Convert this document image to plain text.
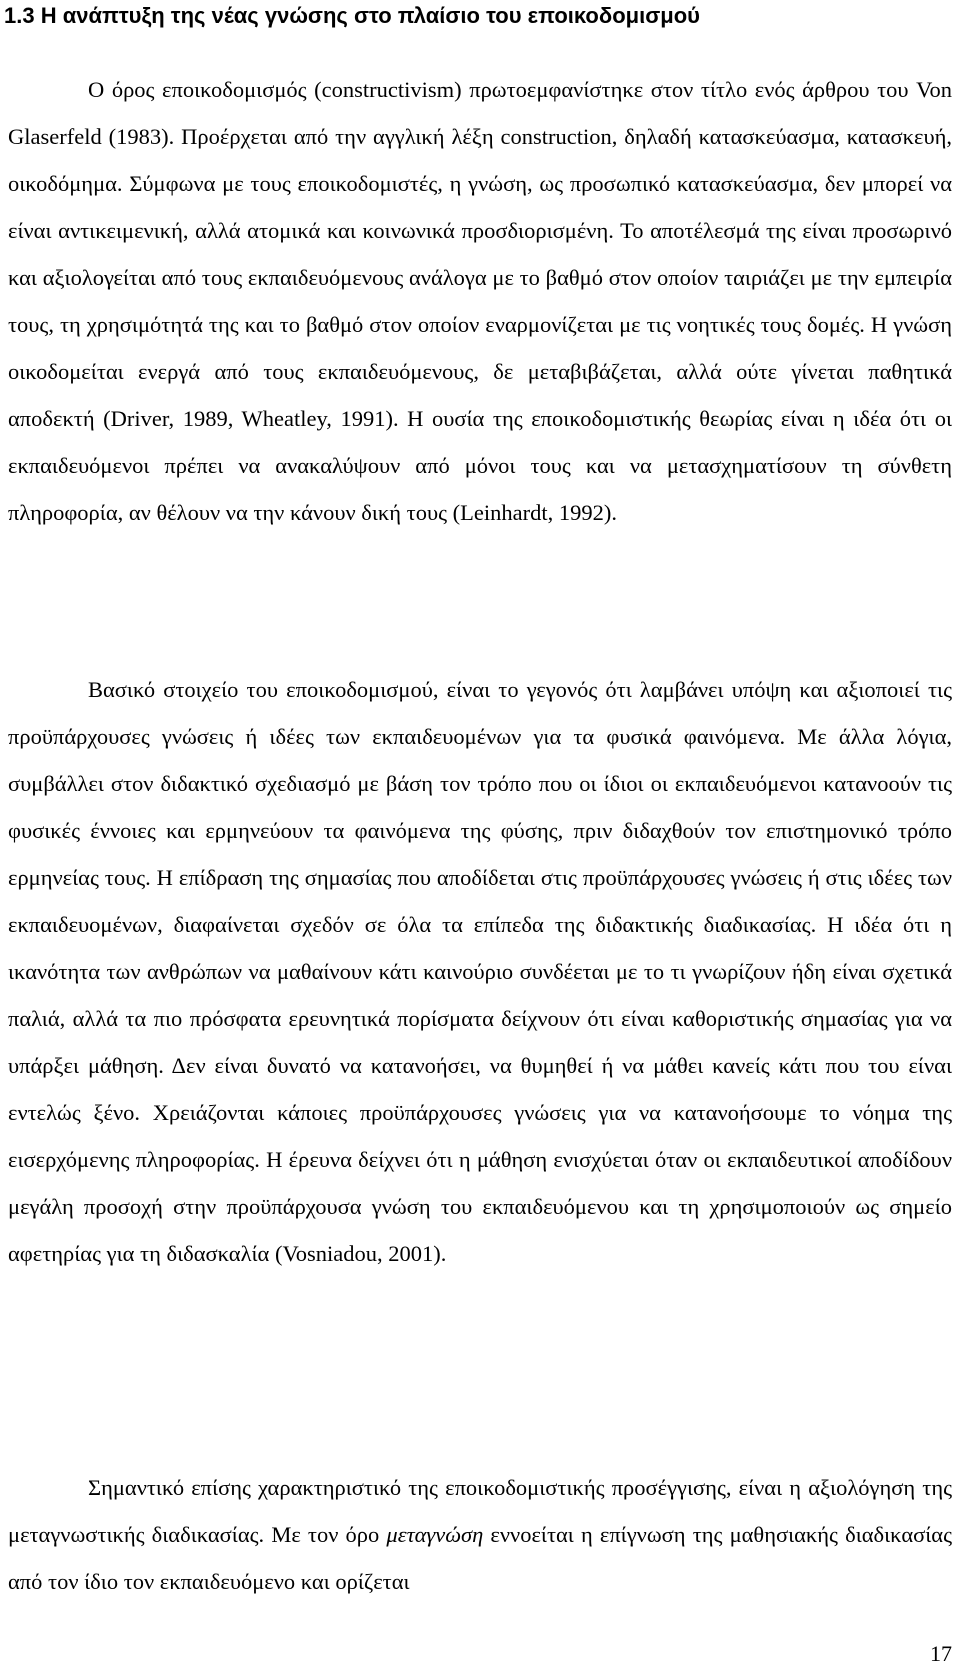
1.3 Η ανάπτυξη της νέας γνώσης στο πλαίσιο του εποικοδομισμού

Ο όρος εποικοδομισμός (constructivism) πρωτοεμφανίστηκε στον τίτλο ενός άρθρου του Von Glaserfeld (1983). Προέρχεται από την αγγλική λέξη construction, δηλαδή κατασκεύασμα, κατασκευή, οικοδόμημα. Σύμφωνα με τους εποικοδομιστές, η γνώση, ως προσωπικό κατασκεύασμα, δεν μπορεί να είναι αντικειμενική, αλλά ατομικά και κοινωνικά προσδιορισμένη. Το αποτέλεσμά της είναι προσωρινό και αξιολογείται από τους εκπαιδευόμενους ανάλογα με το βαθμό στον οποίον ταιριάζει με την εμπειρία τους, τη χρησιμότητά της και το βαθμό στον οποίον εναρμονίζεται με τις νοητικές τους δομές. Η γνώση οικοδομείται ενεργά από τους εκπαιδευόμενους, δε μεταβιβάζεται, αλλά ούτε γίνεται παθητικά αποδεκτή (Driver, 1989, Wheatley, 1991). Η ουσία της εποικοδομιστικής θεωρίας είναι η ιδέα ότι οι εκπαιδευόμενοι πρέπει να ανακαλύψουν από μόνοι τους και να μετασχηματίσουν τη σύνθετη πληροφορία, αν θέλουν να την κάνουν δική τους (Leinhardt, 1992).

Βασικό στοιχείο του εποικοδομισμού, είναι το γεγονός ότι λαμβάνει υπόψη και αξιοποιεί τις προϋπάρχουσες γνώσεις ή ιδέες των εκπαιδευομένων για τα φυσικά φαινόμενα. Με άλλα λόγια, συμβάλλει στον διδακτικό σχεδιασμό με βάση τον τρόπο που οι ίδιοι οι εκπαιδευόμενοι κατανοούν τις φυσικές έννοιες και ερμηνεύουν τα φαινόμενα της φύσης, πριν διδαχθούν τον επιστημονικό τρόπο ερμηνείας τους. Η επίδραση της σημασίας που αποδίδεται στις προϋπάρχουσες γνώσεις ή στις ιδέες των εκπαιδευομένων, διαφαίνεται σχεδόν σε όλα τα επίπεδα της διδακτικής διαδικασίας. Η ιδέα ότι η ικανότητα των ανθρώπων να μαθαίνουν κάτι καινούριο συνδέεται με το τι γνωρίζουν ήδη είναι σχετικά παλιά, αλλά τα πιο πρόσφατα ερευνητικά πορίσματα δείχνουν ότι είναι καθοριστικής σημασίας για να υπάρξει μάθηση. Δεν είναι δυνατό να κατανοήσει, να θυμηθεί ή να μάθει κανείς κάτι που του είναι εντελώς ξένο. Χρειάζονται κάποιες προϋπάρχουσες γνώσεις για να κατανοήσουμε το νόημα της εισερχόμενης πληροφορίας. Η έρευνα δείχνει ότι η μάθηση ενισχύεται όταν οι εκπαιδευτικοί αποδίδουν μεγάλη προσοχή στην προϋπάρχουσα γνώση του εκπαιδευόμενου και τη χρησιμοποιούν ως σημείο αφετηρίας για τη διδασκαλία (Vosniadou, 2001).

Σημαντικό επίσης χαρακτηριστικό της εποικοδομιστικής προσέγγισης, είναι η αξιολόγηση της μεταγνωστικής διαδικασίας. Με τον όρο μεταγνώση εννοείται η επίγνωση της μαθησιακής διαδικασίας από τον ίδιο τον εκπαιδευόμενο και ορίζεται

17
